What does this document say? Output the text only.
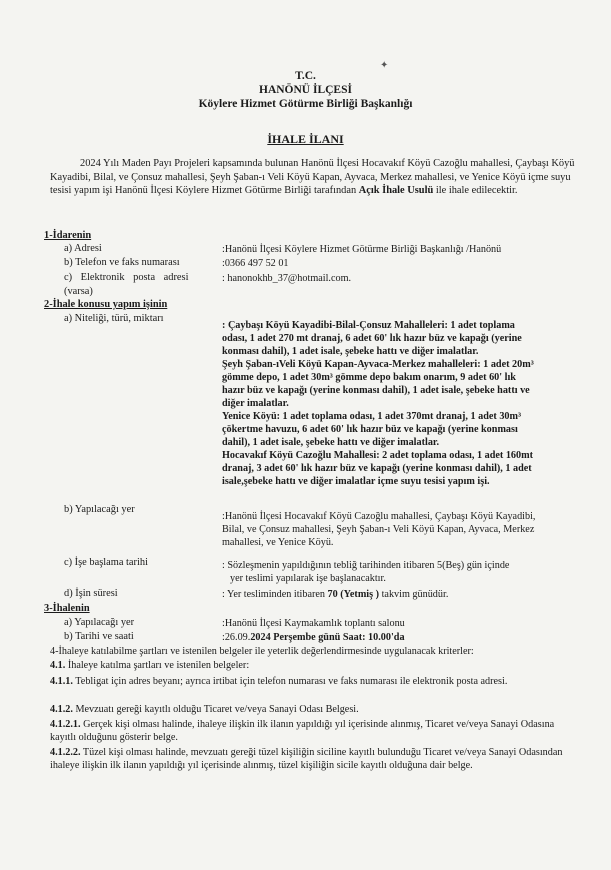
✦
T.C.
HANÖNÜ İLÇESİ
Köylere Hizmet Götürme Birliği Başkanlığı
İHALE İLANI
2024 Yılı Maden Payı Projeleri kapsamında bulunan Hanönü İlçesi Hocavakıf Köyü Cazoğlu mahallesi, Çaybaşı Köyü Kayadibi, Bilal, ve Çonsuz mahallesi, Şeyh Şaban-ı Veli Köyü Kapan, Ayvaca, Merkez mahallesi, ve Yenice Köyü içme suyu tesisi yapım işi Hanönü İlçesi Köylere Hizmet Götürme Birliği tarafından Açık İhale Usulü ile ihale edilecektir.
1-İdarenin
a) Adresi	:Hanönü İlçesi Köylere Hizmet Götürme Birliği Başkanlığı /Hanönü
b) Telefon ve faks numarası	:0366 497 52 01
c) Elektronik posta adresi
(varsa)
: hanonokhb_37@hotmail.com.
2-İhale konusu yapım işinin
a) Niteliği, türü, miktarı
: Çaybaşı Köyü Kayadibi-Bilal-Çonsuz Mahalleleri: 1 adet toplama
odası, 1 adet 270 mt dranaj, 6 adet 60' lık hazır büz ve kapağı (yerine
konması dahil), 1 adet isale, şebeke hattı ve diğer imalatlar.
Şeyh Şaban-ıVeli Köyü Kapan-Ayvaca-Merkez mahalleleri: 1 adet 20m³
gömme depo, 1 adet 30m³ gömme depo bakım onarım, 9 adet 60' lık
hazır büz ve kapağı (yerine konması dahil), 1 adet isale, şebeke hattı ve
diğer imalatlar.
Yenice Köyü: 1 adet toplama odası, 1 adet 370mt dranaj, 1 adet 30m³
çökertme havuzu, 6 adet 60' lık hazır büz ve kapağı (yerine konması
dahil), 1 adet isale, şebeke hattı ve diğer imalatlar.
Hocavakıf Köyü Cazoğlu Mahallesi: 2 adet toplama odası, 1 adet 160mt
dranaj, 3 adet 60' lık hazır büz ve kapağı (yerine konması dahil), 1 adet
isale,şebeke hattı ve diğer imalatlar içme suyu tesisi yapım işi.
b) Yapılacağı yer
:Hanönü İlçesi Hocavakıf Köyü Cazoğlu mahallesi, Çaybaşı Köyü Kayadibi,
Bilal, ve Çonsuz mahallesi, Şeyh Şaban-ı Veli Köyü Kapan, Ayvaca, Merkez
mahallesi, ve Yenice Köyü.
c) İşe başlama tarihi	: Sözleşmenin yapıldığının tebliğ tarihinden itibaren 5(Beş) gün içinde
yer teslimi yapılarak işe başlanacaktır.
d) İşin süresi	: Yer tesliminden itibaren 70 (Yetmiş ) takvim günüdür.
3-İhalenin
a) Yapılacağı yer	:Hanönü İlçesi Kaymakamlık toplantı salonu
b) Tarihi ve saati	:26.09.2024 Perşembe günü Saat: 10.00'da
4-İhaleye katılabilme şartları ve istenilen belgeler ile yeterlik değerlendirmesinde uygulanacak kriterler:
4.1. İhaleye katılma şartları ve istenilen belgeler:
4.1.1. Tebligat için adres beyanı; ayrıca irtibat için telefon numarası ve faks numarası ile elektronik posta adresi.
4.1.2. Mevzuatı gereği kayıtlı olduğu Ticaret ve/veya Sanayi Odası Belgesi.
4.1.2.1. Gerçek kişi olması halinde, ihaleye ilişkin ilk ilanın yapıldığı yıl içerisinde alınmış, Ticaret ve/veya Sanayi Odasına kayıtlı olduğunu gösterir belge.
4.1.2.2. Tüzel kişi olması halinde, mevzuatı gereği tüzel kişiliğin siciline kayıtlı bulunduğu Ticaret ve/veya Sanayi Odasından ihaleye ilişkin ilk ilanın yapıldığı yıl içerisinde alınmış, tüzel kişiliğin sicile kayıtlı olduğuna dair belge.
